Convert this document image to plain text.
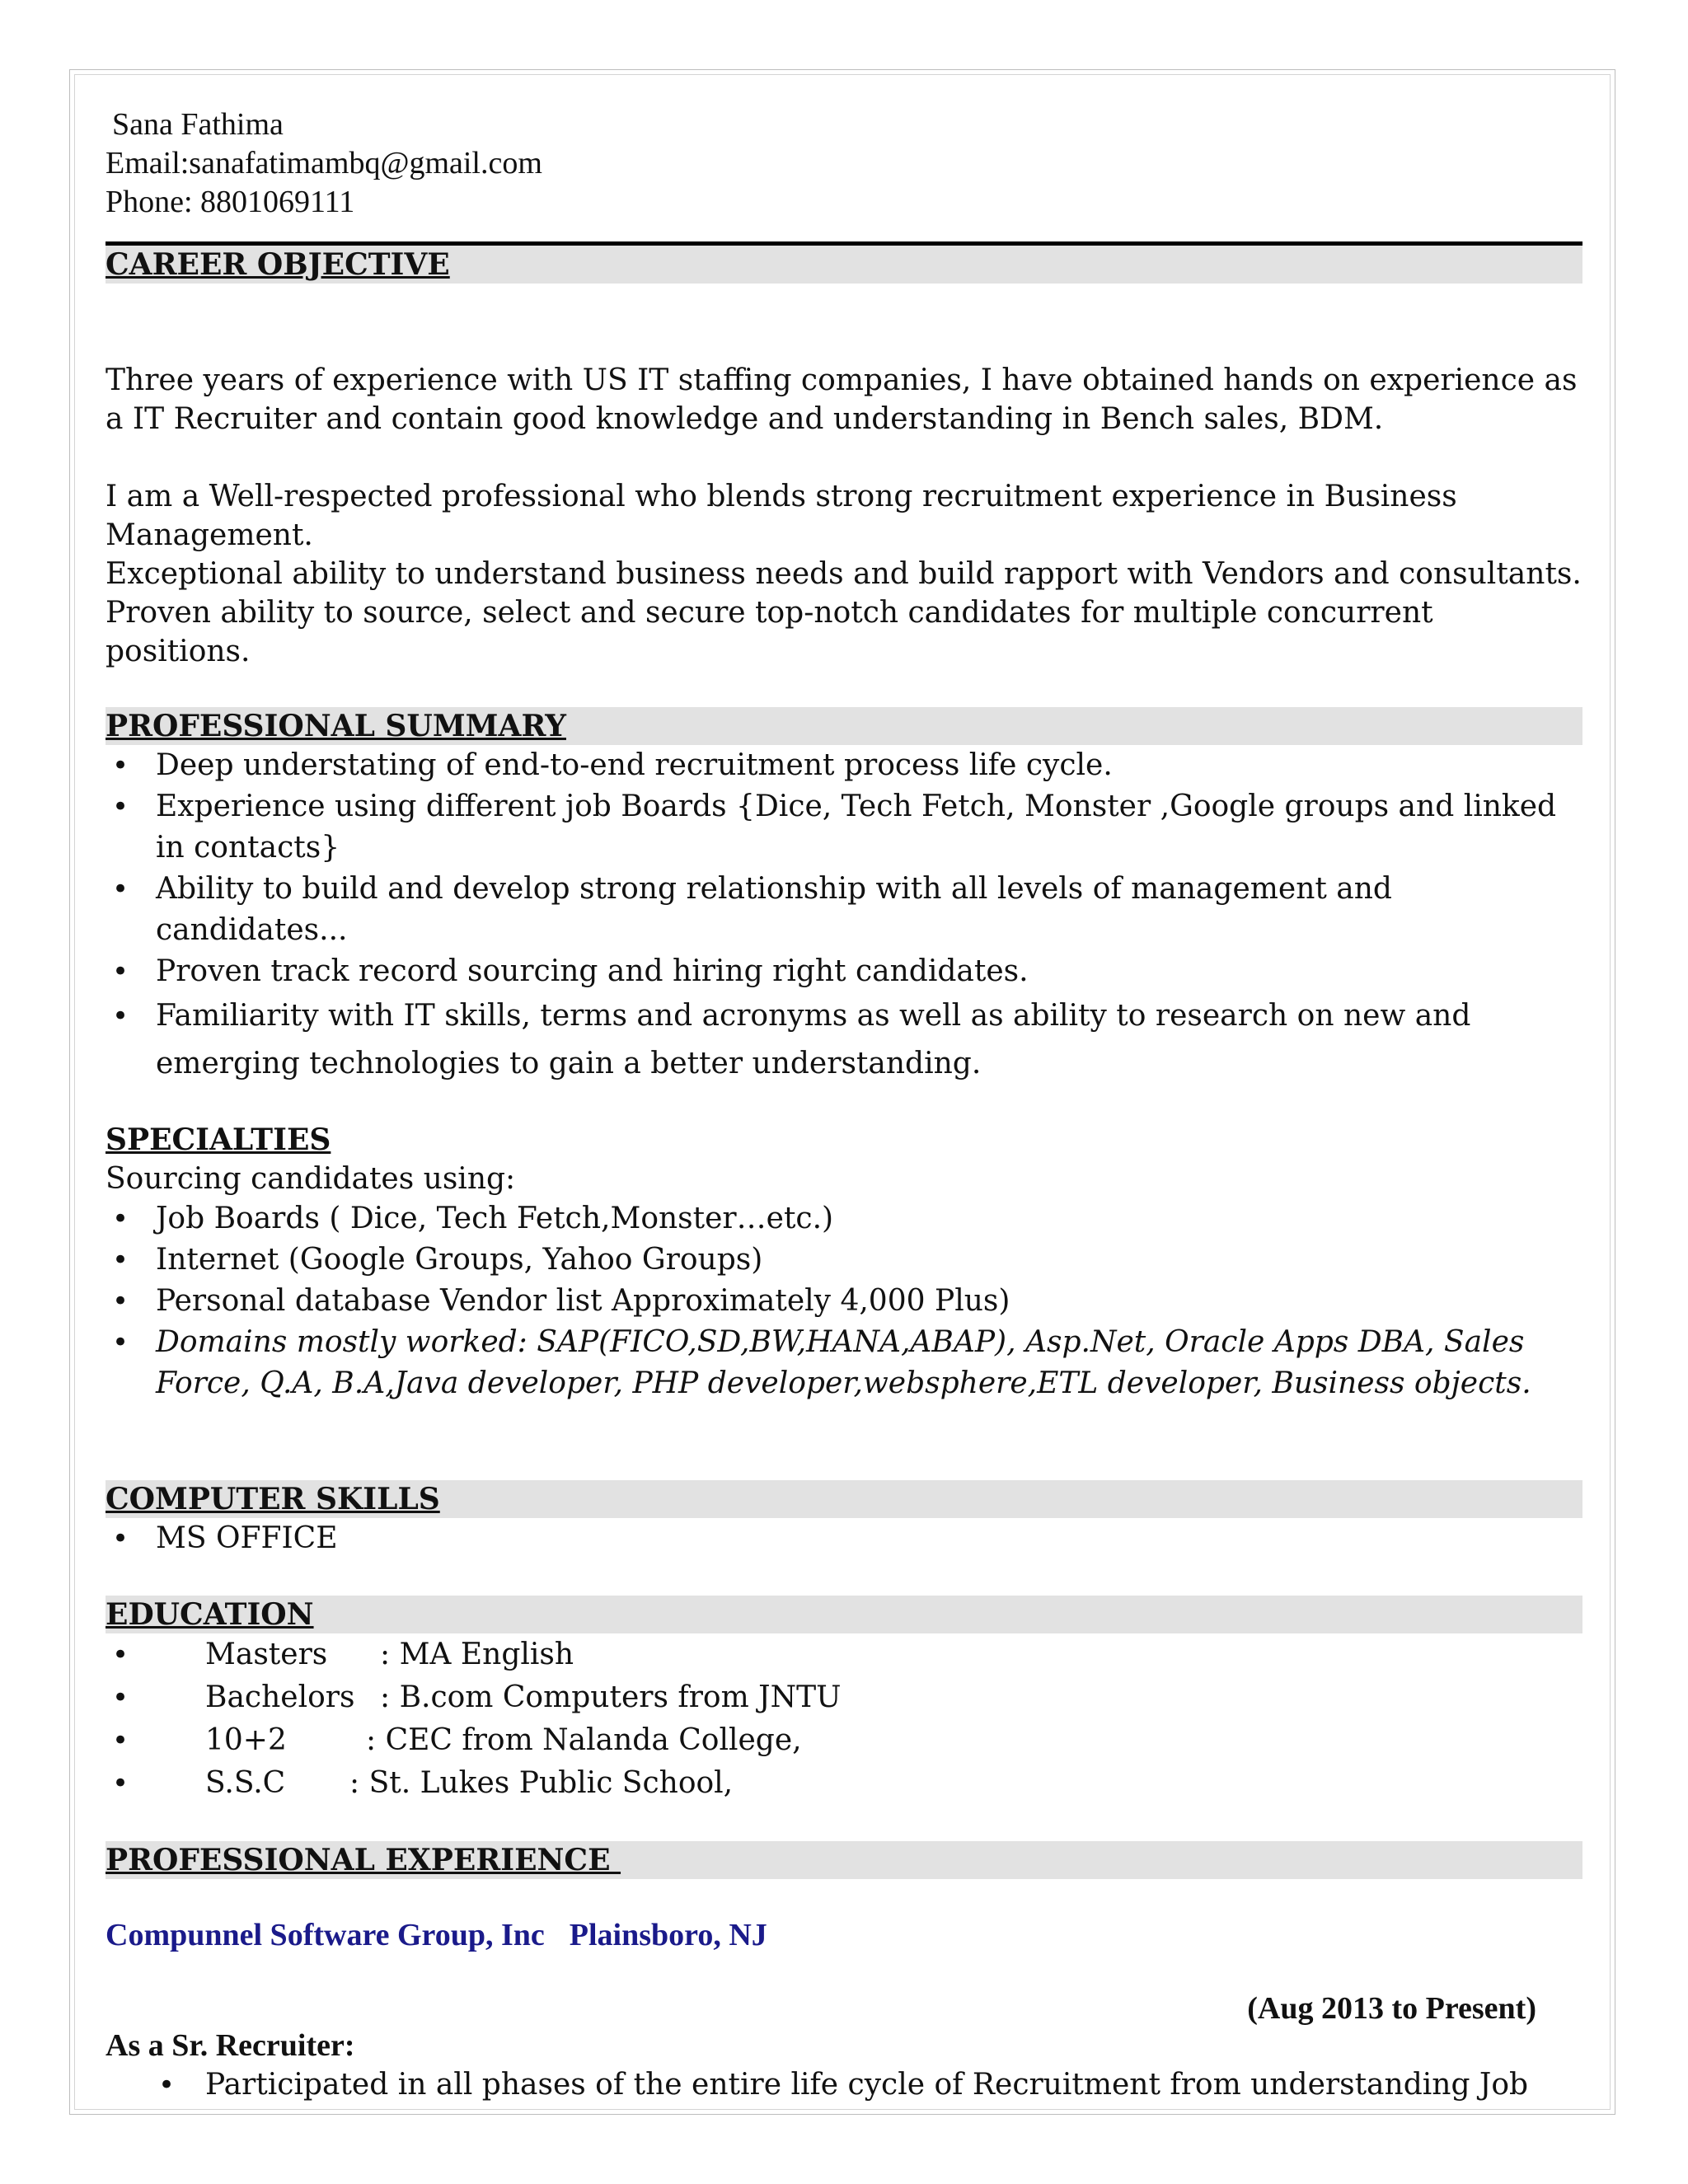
Sana Fathima
Email:sanafatimambq@gmail.com
Phone: 8801069111
CAREER OBJECTIVE

Three years of experience with US IT staffing companies, I have obtained hands on experience as a IT Recruiter and contain good knowledge and understanding in Bench sales, BDM.

I am a Well-respected professional who blends strong recruitment experience in Business Management.
Exceptional ability to understand business needs and build rapport with Vendors and consultants.
Proven ability to source, select and secure top-notch candidates for multiple concurrent positions.
PROFESSIONAL SUMMARY
• Deep understating of end-to-end recruitment process life cycle.
• Experience using different job Boards {Dice, Tech Fetch, Monster ,Google groups and linked in contacts}
• Ability to build and develop strong relationship with all levels of management and candidates...
• Proven track record sourcing and hiring right candidates.
• Familiarity with IT skills, terms and acronyms as well as ability to research on new and emerging technologies to gain a better understanding.
SPECIALTIES

Sourcing candidates using:

• Job Boards ( Dice, Tech Fetch,Monster…etc.)
• Internet (Google Groups, Yahoo Groups)
• Personal database Vendor list Approximately 4,000 Plus)
• Domains mostly worked: SAP(FICO,SD,BW,HANA,ABAP), Asp.Net, Oracle Apps DBA, Sales Force, Q.A, B.A,Java developer, PHP developer,websphere,ETL developer, Business objects.
COMPUTER SKILLS
• MS OFFICE
EDUCATION
• Masters : MA English
• Bachelors : B.com Computers from JNTU
• 10+2	: CEC from Nalanda College,
• S.S.C : St. Lukes Public School,
PROFESSIONAL EXPERIENCE
Compunnel Software Group, Inc Plainsboro, NJ
(Aug 2013 to Present)
As a Sr. Recruiter:
• Participated in all phases of the entire life cycle of Recruitment from understanding Job
